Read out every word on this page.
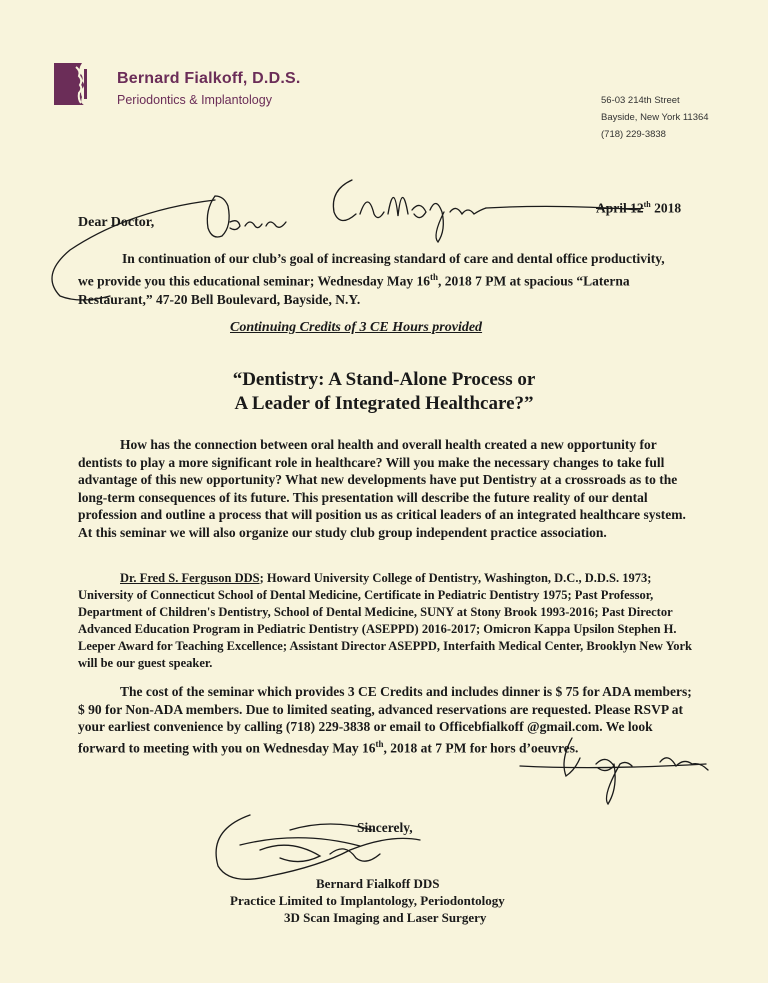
Bernard Fialkoff, D.D.S.
Periodontics & Implantology	56-03 214th Street
Bayside, New York 11364
(718) 229-3838
April 12th 2018
Dear Doctor,
In continuation of our club’s goal of increasing standard of care and dental office productivity, we provide you this educational seminar; Wednesday May 16th, 2018 7 PM at spacious “Laterna Restaurant,” 47-20 Bell Boulevard, Bayside, N.Y.
Continuing Credits of 3 CE Hours provided
“Dentistry: A Stand-Alone Process or
A Leader of Integrated Healthcare?”
How has the connection between oral health and overall health created a new opportunity for dentists to play a more significant role in healthcare? Will you make the necessary changes to take full advantage of this new opportunity? What new developments have put Dentistry at a crossroads as to the long-term consequences of its future. This presentation will describe the future reality of our dental profession and outline a process that will position us as critical leaders of an integrated healthcare system. At this seminar we will also organize our study club group independent practice association.
Dr. Fred S. Ferguson DDS; Howard University College of Dentistry, Washington, D.C., D.D.S. 1973; University of Connecticut School of Dental Medicine, Certificate in Pediatric Dentistry 1975; Past Professor, Department of Children's Dentistry, School of Dental Medicine, SUNY at Stony Brook 1993-2016; Past Director Advanced Education Program in Pediatric Dentistry (ASEPPD) 2016-2017; Omicron Kappa Upsilon Stephen H. Leeper Award for Teaching Excellence; Assistant Director ASEPPD, Interfaith Medical Center, Brooklyn New York will be our guest speaker.
The cost of the seminar which provides 3 CE Credits and includes dinner is $ 75 for ADA members; $ 90 for Non-ADA members. Due to limited seating, advanced reservations are requested. Please RSVP at your earliest convenience by calling (718) 229-3838 or email to Officebfialkoff @gmail.com. We look forward to meeting with you on Wednesday May 16th, 2018 at 7 PM for hors d’oeuvres.
Sincerely,
Bernard Fialkoff DDS
Practice Limited to Implantology, Periodontology
3D Scan Imaging and Laser Surgery
